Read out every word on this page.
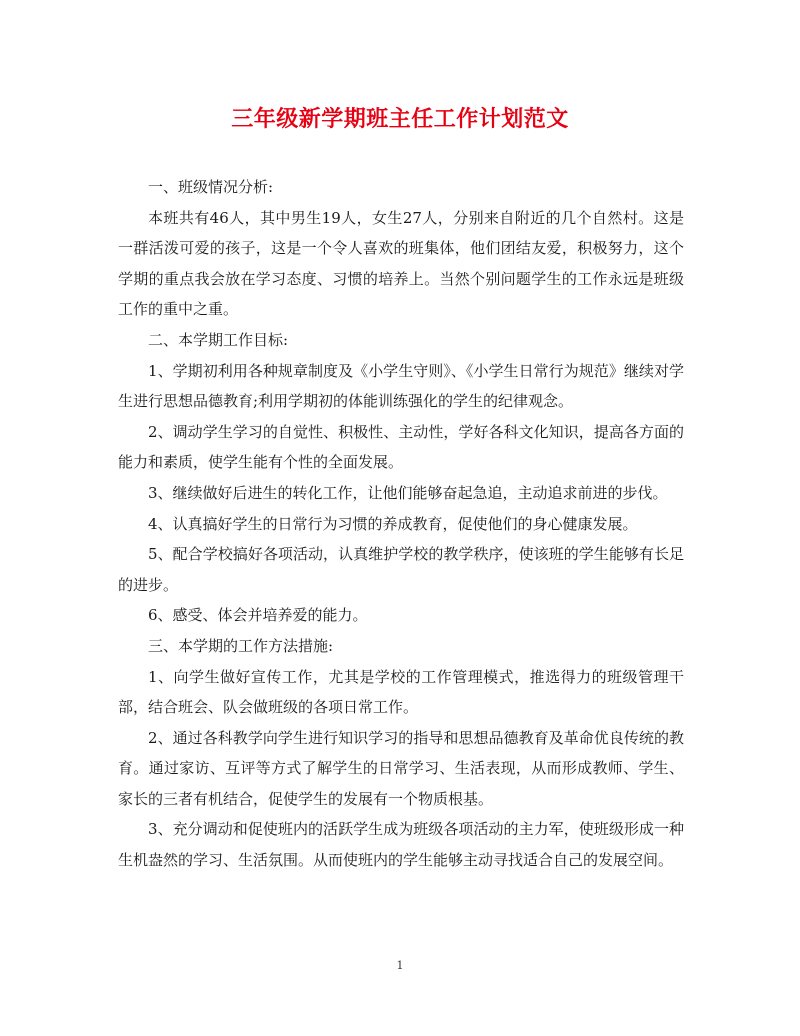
三年级新学期班主任工作计划范文

一、班级情况分析:

本班共有46人，其中男生19人，女生27人，分别来自附近的几个自然村。这是一群活泼可爱的孩子，这是一个令人喜欢的班集体，他们团结友爱，积极努力，这个学期的重点我会放在学习态度、习惯的培养上。当然个别问题学生的工作永远是班级工作的重中之重。

二、本学期工作目标:

1、学期初利用各种规章制度及《小学生守则》、《小学生日常行为规范》继续对学生进行思想品德教育;利用学期初的体能训练强化的学生的纪律观念。

2、调动学生学习的自觉性、积极性、主动性，学好各科文化知识，提高各方面的能力和素质，使学生能有个性的全面发展。

3、继续做好后进生的转化工作，让他们能够奋起急追，主动追求前进的步伐。

4、认真搞好学生的日常行为习惯的养成教育，促使他们的身心健康发展。

5、配合学校搞好各项活动，认真维护学校的教学秩序，使该班的学生能够有长足的进步。

6、感受、体会并培养爱的能力。

三、本学期的工作方法措施:

1、向学生做好宣传工作，尤其是学校的工作管理模式，推选得力的班级管理干部，结合班会、队会做班级的各项日常工作。

2、通过各科教学向学生进行知识学习的指导和思想品德教育及革命优良传统的教育。通过家访、互评等方式了解学生的日常学习、生活表现，从而形成教师、学生、家长的三者有机结合，促使学生的发展有一个物质根基。

3、充分调动和促使班内的活跃学生成为班级各项活动的主力军，使班级形成一种生机盎然的学习、生活氛围。从而使班内的学生能够主动寻找适合自己的发展空间。

1
